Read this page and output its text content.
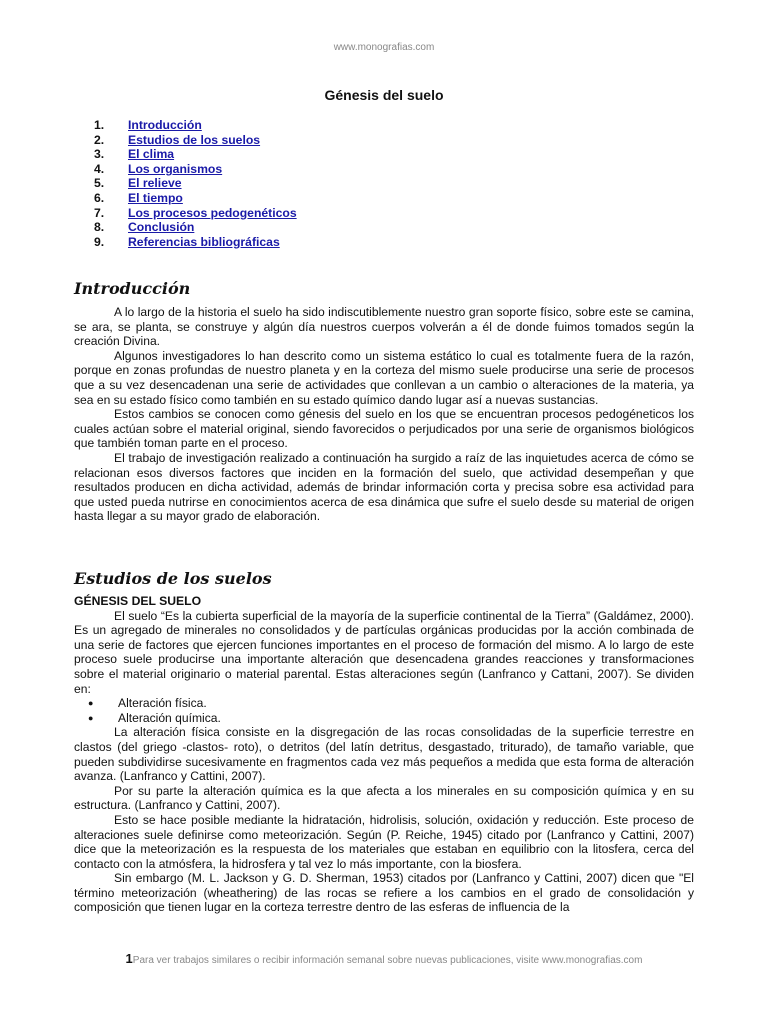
www.monografias.com
Génesis del suelo
1.	Introducción
2.	Estudios de los suelos
3.	El clima
4.	Los organismos
5.	El relieve
6.	El tiempo
7.	Los procesos pedogenéticos
8.	Conclusión
9.	Referencias bibliográficas
Introducción

A lo largo de la historia el suelo ha sido indiscutiblemente nuestro gran soporte físico, sobre este se camina, se ara, se planta, se construye y algún día nuestros cuerpos volverán a él de donde fuimos tomados según la creación Divina.

Algunos investigadores lo han descrito como un sistema estático lo cual es totalmente fuera de la razón, porque en zonas profundas de nuestro planeta y en la corteza del mismo suele producirse una serie de procesos que a su vez desencadenan una serie de actividades que conllevan a un cambio o alteraciones de la materia, ya sea en su estado físico como también en su estado químico dando lugar así a nuevas sustancias.

Estos cambios se conocen como génesis del suelo en los que se encuentran procesos pedogéneticos los cuales actúan sobre el material original, siendo favorecidos o perjudicados por una serie de organismos biológicos que también toman parte en el proceso.

El trabajo de investigación realizado a continuación ha surgido a raíz de las inquietudes acerca de cómo se relacionan esos diversos factores que inciden en la formación del suelo, que actividad desempeñan y que resultados producen en dicha actividad, además de brindar información corta y precisa sobre esa actividad para que usted pueda nutrirse en conocimientos acerca de esa dinámica que sufre el suelo desde su material de origen hasta llegar a su mayor grado de elaboración.

Estudios de los suelos
GÉNESIS DEL SUELO

El suelo “Es la cubierta superficial de la mayoría de la superficie continental de la Tierra” (Galdámez, 2000). Es un agregado de minerales no consolidados y de partículas orgánicas producidas por la acción combinada de una serie de factores que ejercen funciones importantes en el proceso de formación del mismo. A lo largo de este proceso suele producirse una importante alteración que desencadena grandes reacciones y transformaciones sobre el material originario o material parental. Estas alteraciones según (Lanfranco y Cattani, 2007). Se dividen en:

● Alteración física.
● Alteración química.

La alteración física consiste en la disgregación de las rocas consolidadas de la superficie terrestre en clastos (del griego -clastos- roto), o detritos (del latín detritus, desgastado, triturado), de tamaño variable, que pueden subdividirse sucesivamente en fragmentos cada vez más pequeños a medida que esta forma de alteración avanza. (Lanfranco y Cattini, 2007).

Por su parte la alteración química es la que afecta a los minerales en su composición química y en su estructura. (Lanfranco y Cattini, 2007).

Esto se hace posible mediante la hidratación, hidrolisis, solución, oxidación y reducción. Este proceso de alteraciones suele definirse como meteorización. Según (P. Reiche, 1945) citado por (Lanfranco y Cattini, 2007) dice que la meteorización es la respuesta de los materiales que estaban en equilibrio con la litosfera, cerca del contacto con la atmósfera, la hidrosfera y tal vez lo más importante, con la biosfera.

Sin embargo (M. L. Jackson y G. D. Sherman, 1953) citados por (Lanfranco y Cattini, 2007) dicen que "El término meteorización (wheathering) de las rocas se refiere a los cambios en el grado de consolidación y composición que tienen lugar en la corteza terrestre dentro de las esferas de influencia de la

1Para ver trabajos similares o recibir información semanal sobre nuevas publicaciones, visite www.monografias.com
